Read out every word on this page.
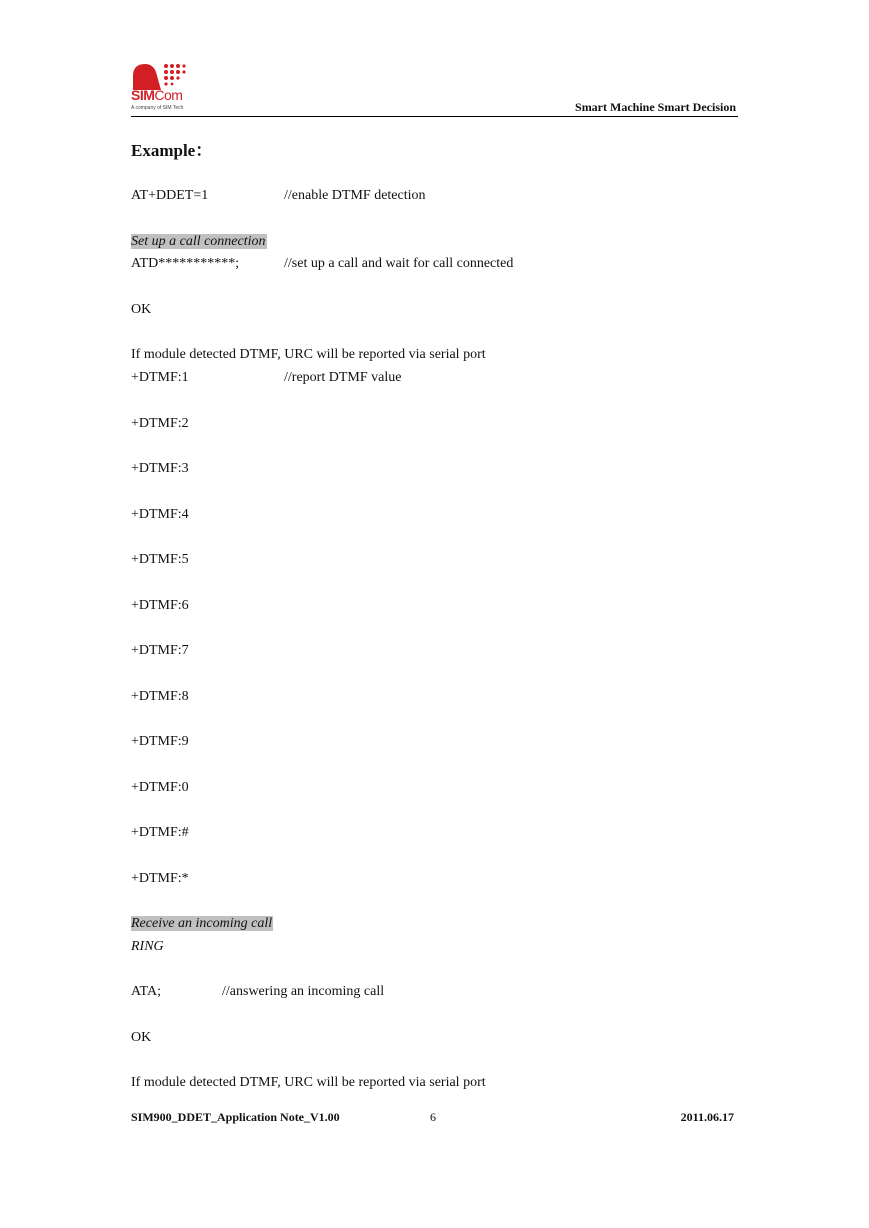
SIMCom
A company of SIM Tech	Smart Machine Smart Decision
Example：
AT+DDET=1	//enable DTMF detection
Set up a call connection
ATD***********;	//set up a call and wait for call connected
OK
If module detected DTMF, URC will be reported via serial port
+DTMF:1	//report DTMF value
+DTMF:2
+DTMF:3
+DTMF:4
+DTMF:5
+DTMF:6
+DTMF:7
+DTMF:8
+DTMF:9
+DTMF:0
+DTMF:#
+DTMF:*
Receive an incoming call
RING
ATA;	//answering an incoming call
OK
If module detected DTMF, URC will be reported via serial port
SIM900_DDET_Application Note_V1.00	6	2011.06.17
